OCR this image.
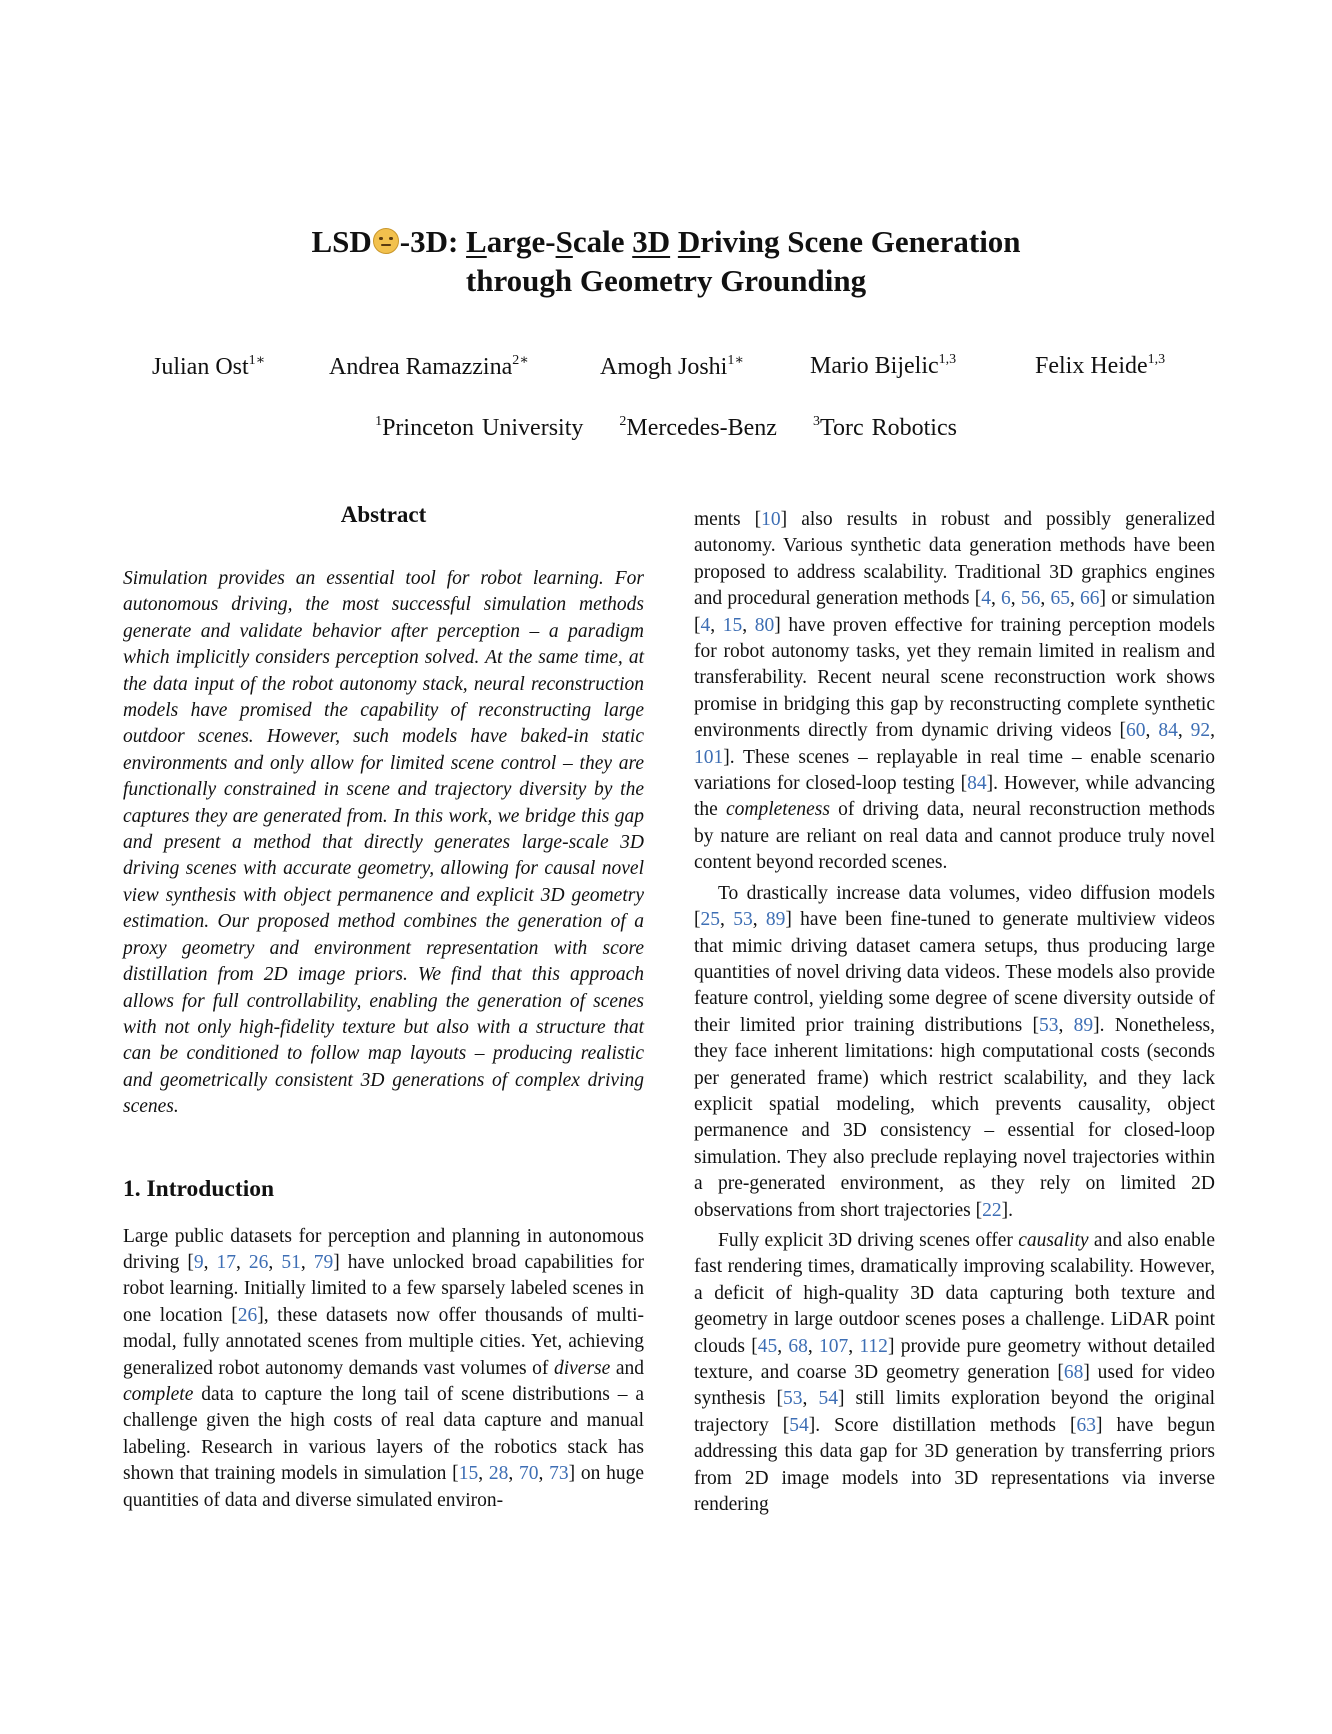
LSD -3D: Large-Scale 3D Driving Scene Generation
through Geometry Grounding
Julian Ost$^{1∗}$	Andrea Ramazzina$^{2∗}$	Amogh Joshi$^{1∗}$	Mario Bijelic$^{1,3}$	Felix Heide$^{1,3}$
$^1$Princeton University	$^2$Mercedes-Benz	$^3$Torc Robotics
Abstract

Simulation provides an essential tool for robot learning. For autonomous driving, the most successful simulation methods generate and validate behavior after perception – a paradigm which implicitly considers perception solved. At the same time, at the data input of the robot autonomy stack, neural reconstruction models have promised the capability of reconstructing large outdoor scenes. However, such models have baked-in static environments and only allow for limited scene control – they are functionally constrained in scene and trajectory diversity by the captures they are generated from. In this work, we bridge this gap and present a method that directly generates large-scale 3D driving scenes with accurate geometry, allowing for causal novel view synthesis with object permanence and explicit 3D geometry estimation. Our proposed method combines the generation of a proxy geometry and environment representation with score distillation from 2D image priors. We find that this approach allows for full controllability, enabling the generation of scenes with not only high-fidelity texture but also with a structure that can be conditioned to follow map layouts – producing realistic and geometrically consistent 3D generations of complex driving scenes.

1. Introduction

Large public datasets for perception and planning in autonomous driving [9, 17, 26, 51, 79] have unlocked broad capabilities for robot learning. Initially limited to a few sparsely labeled scenes in one location [26], these datasets now offer thousands of multi-modal, fully annotated scenes from multiple cities. Yet, achieving generalized robot autonomy demands vast volumes of diverse and complete data to capture the long tail of scene distributions – a challenge given the high costs of real data capture and manual labeling. Research in various layers of the robotics stack has shown that training models in simulation [15, 28, 70, 73] on huge quantities of data and diverse simulated environ-

ments [10] also results in robust and possibly generalized autonomy. Various synthetic data generation methods have been proposed to address scalability. Traditional 3D graphics engines and procedural generation methods [4, 6, 56, 65, 66] or simulation [4, 15, 80] have proven effective for training perception models for robot autonomy tasks, yet they remain limited in realism and transferability. Recent neural scene reconstruction work shows promise in bridging this gap by reconstructing complete synthetic environments directly from dynamic driving videos [60, 84, 92, 101]. These scenes – replayable in real time – enable scenario variations for closed-loop testing [84]. However, while advancing the completeness of driving data, neural reconstruction methods by nature are reliant on real data and cannot produce truly novel content beyond recorded scenes.

To drastically increase data volumes, video diffusion models [25, 53, 89] have been fine-tuned to generate multiview videos that mimic driving dataset camera setups, thus producing large quantities of novel driving data videos. These models also provide feature control, yielding some degree of scene diversity outside of their limited prior training distributions [53, 89]. Nonetheless, they face inherent limitations: high computational costs (seconds per generated frame) which restrict scalability, and they lack explicit spatial modeling, which prevents causality, object permanence and 3D consistency – essential for closed-loop simulation. They also preclude replaying novel trajectories within a pre-generated environment, as they rely on limited 2D observations from short trajectories [22].

Fully explicit 3D driving scenes offer causality and also enable fast rendering times, dramatically improving scalability. However, a deficit of high-quality 3D data capturing both texture and geometry in large outdoor scenes poses a challenge. LiDAR point clouds [45, 68, 107, 112] provide pure geometry without detailed texture, and coarse 3D geometry generation [68] used for video synthesis [53, 54] still limits exploration beyond the original trajectory [54]. Score distillation methods [63] have begun addressing this data gap for 3D generation by transferring priors from 2D image models into 3D representations via inverse rendering
